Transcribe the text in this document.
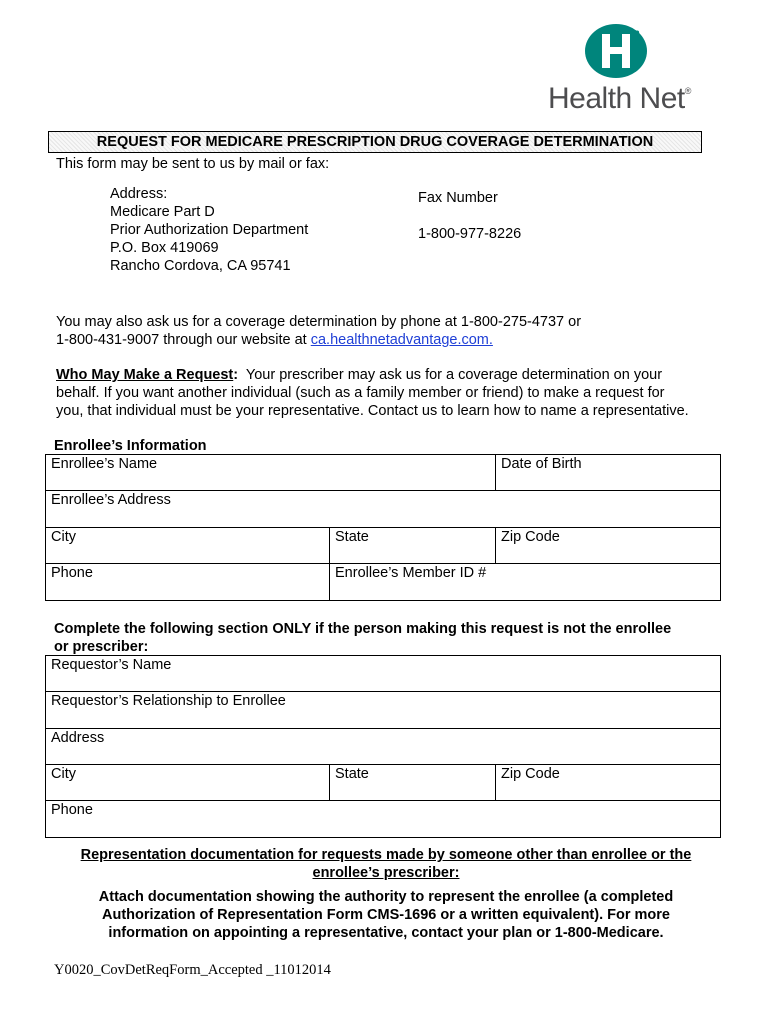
n
Health Net®
REQUEST FOR MEDICARE PRESCRIPTION DRUG COVERAGE DETERMINATION
This form may be sent to us by mail or fax:
Address:
Medicare Part D
Prior Authorization Department
P.O. Box 419069
Rancho Cordova, CA 95741
Fax Number
1-800-977-8226
You may also ask us for a coverage determination by phone at 1-800-275-4737 or
1-800-431-9007 through our website at ca.healthnetadvantage.com.
Who May Make a Request:  Your prescriber may ask us for a coverage determination on your
behalf. If you want another individual (such as a family member or friend) to make a request for
you, that individual must be your representative. Contact us to learn how to name a representative.
Enrollee’s Information
Enrollee’s Name	Date of Birth
Enrollee’s Address
City	State	Zip Code
Phone	Enrollee’s Member ID #
Complete the following section ONLY if the person making this request is not the enrollee
or prescriber:
Requestor’s Name
Requestor’s Relationship to Enrollee
Address
City	State	Zip Code
Phone
Representation documentation for requests made by someone other than enrollee or the
enrollee’s prescriber:
Attach documentation showing the authority to represent the enrollee (a completed
Authorization of Representation Form CMS-1696 or a written equivalent). For more
information on appointing a representative, contact your plan or 1-800-Medicare.
Y0020_CovDetReqForm_Accepted _11012014
